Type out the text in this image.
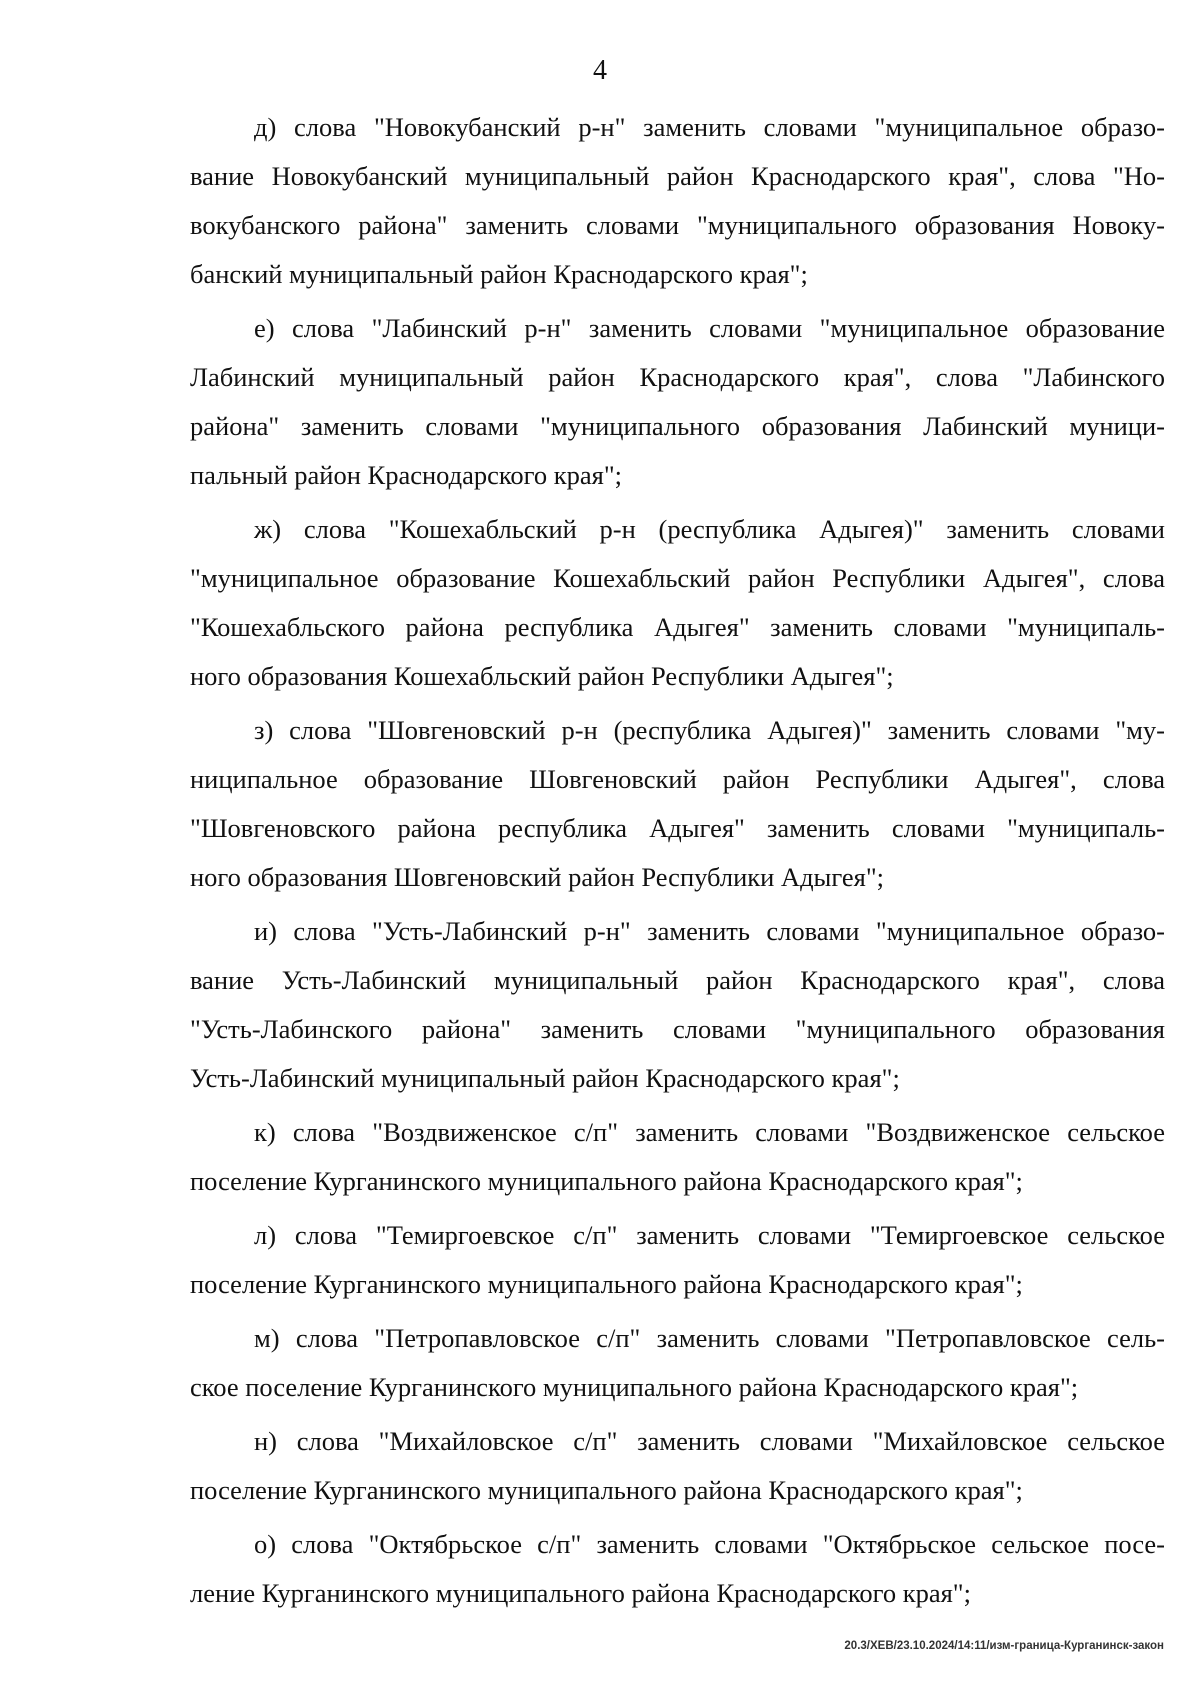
4

д) слова "Новокубанский р-н" заменить словами "муниципальное образо-
вание Новокубанский муниципальный район Краснодарского края", слова "Но-
вокубанского района" заменить словами "муниципального образования Новоку-
банский муниципальный район Краснодарского края";

е) слова "Лабинский р-н" заменить словами "муниципальное образование
Лабинский муниципальный район Краснодарского края", слова "Лабинского
района" заменить словами "муниципального образования Лабинский муници-
пальный район Краснодарского края";

ж) слова "Кошехабльский р-н (республика Адыгея)" заменить словами
"муниципальное образование Кошехабльский район Республики Адыгея", слова
"Кошехабльского района республика Адыгея" заменить словами "муниципаль-
ного образования Кошехабльский район Республики Адыгея";

з) слова "Шовгеновский р-н (республика Адыгея)" заменить словами "му-
ниципальное образование Шовгеновский район Республики Адыгея", слова
"Шовгеновского района республика Адыгея" заменить словами "муниципаль-
ного образования Шовгеновский район Республики Адыгея";

и) слова "Усть-Лабинский р-н" заменить словами "муниципальное образо-
вание Усть-Лабинский муниципальный район Краснодарского края", слова
"Усть-Лабинского района" заменить словами "муниципального образования
Усть-Лабинский муниципальный район Краснодарского края";

к) слова "Воздвиженское с/п" заменить словами "Воздвиженское сельское
поселение Курганинского муниципального района Краснодарского края";

л) слова "Темиргоевское с/п" заменить словами "Темиргоевское сельское
поселение Курганинского муниципального района Краснодарского края";

м) слова "Петропавловское с/п" заменить словами "Петропавловское сель-
ское поселение Курганинского муниципального района Краснодарского края";

н) слова "Михайловское с/п" заменить словами "Михайловское сельское
поселение Курганинского муниципального района Краснодарского края";

о) слова "Октябрьское с/п" заменить словами "Октябрьское сельское посе-
ление Курганинского муниципального района Краснодарского края";

20.3/ХЕВ/23.10.2024/14:11/изм-граница-Курганинск-закон
